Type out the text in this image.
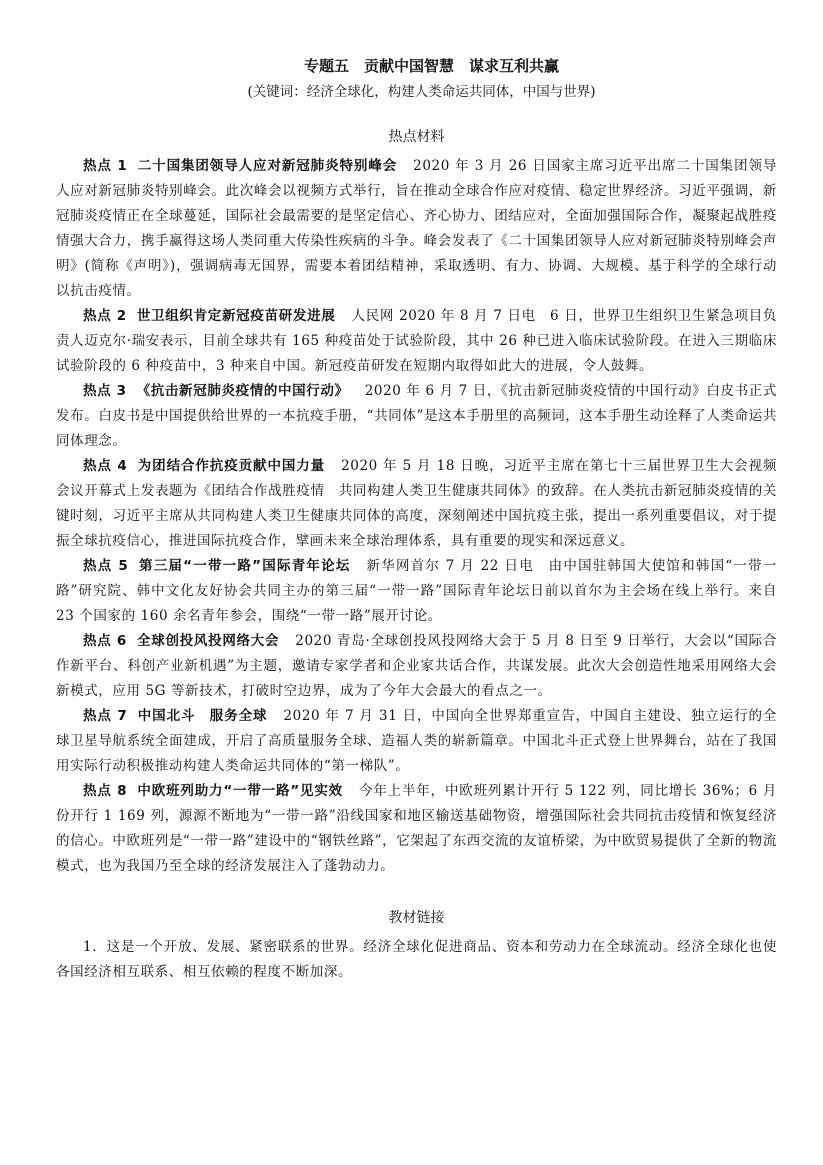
专题五　贡献中国智慧　谋求互利共赢
(关键词：经济全球化，构建人类命运共同体，中国与世界)
热点材料

热点 1 二十国集团领导人应对新冠肺炎特别峰会 2020 年 3 月 26 日国家主席习近平出席二十国集团领导人应对新冠肺炎特别峰会。此次峰会以视频方式举行，旨在推动全球合作应对疫情、稳定世界经济。习近平强调，新冠肺炎疫情正在全球蔓延，国际社会最需要的是坚定信心、齐心协力、团结应对，全面加强国际合作，凝聚起战胜疫情强大合力，携手赢得这场人类同重大传染性疾病的斗争。峰会发表了《二十国集团领导人应对新冠肺炎特别峰会声明》(简称《声明》)，强调病毒无国界，需要本着团结精神，采取透明、有力、协调、大规模、基于科学的全球行动以抗击疫情。

热点 2 世卫组织肯定新冠疫苗研发进展 人民网 2020 年 8 月 7 日电　6 日，世界卫生组织卫生紧急项目负责人迈克尔·瑞安表示，目前全球共有 165 种疫苗处于试验阶段，其中 26 种已进入临床试验阶段。在进入三期临床试验阶段的 6 种疫苗中，3 种来自中国。新冠疫苗研发在短期内取得如此大的进展，令人鼓舞。

热点 3 《抗击新冠肺炎疫情的中国行动》 2020 年 6 月 7 日，《抗击新冠肺炎疫情的中国行动》白皮书正式发布。白皮书是中国提供给世界的一本抗疫手册，“共同体”是这本手册里的高频词，这本手册生动诠释了人类命运共同体理念。

热点 4 为团结合作抗疫贡献中国力量 2020 年 5 月 18 日晚，习近平主席在第七十三届世界卫生大会视频会议开幕式上发表题为《团结合作战胜疫情　共同构建人类卫生健康共同体》的致辞。在人类抗击新冠肺炎疫情的关键时刻，习近平主席从共同构建人类卫生健康共同体的高度，深刻阐述中国抗疫主张，提出一系列重要倡议，对于提振全球抗疫信心，推进国际抗疫合作，擘画未来全球治理体系，具有重要的现实和深远意义。

热点 5 第三届“一带一路”国际青年论坛 新华网首尔 7 月 22 日电　由中国驻韩国大使馆和韩国“一带一路”研究院、韩中文化友好协会共同主办的第三届“一带一路”国际青年论坛日前以首尔为主会场在线上举行。来自 23 个国家的 160 余名青年参会，围绕“一带一路”展开讨论。

热点 6 全球创投风投网络大会 2020 青岛·全球创投风投网络大会于 5 月 8 日至 9 日举行，大会以“国际合作新平台、科创产业新机遇”为主题，邀请专家学者和企业家共话合作，共谋发展。此次大会创造性地采用网络大会新模式，应用 5G 等新技术，打破时空边界，成为了今年大会最大的看点之一。

热点 7 中国北斗　服务全球 2020 年 7 月 31 日，中国向全世界郑重宣告，中国自主建设、独立运行的全球卫星导航系统全面建成，开启了高质量服务全球、造福人类的崭新篇章。中国北斗正式登上世界舞台，站在了我国用实际行动积极推动构建人类命运共同体的“第一梯队”。

热点 8 中欧班列助力“一带一路”见实效 今年上半年，中欧班列累计开行 5 122 列，同比增长 36%；6 月份开行 1 169 列，源源不断地为“一带一路”沿线国家和地区输送基础物资，增强国际社会共同抗击疫情和恢复经济的信心。中欧班列是“一带一路”建设中的“钢铁丝路”，它架起了东西交流的友谊桥梁，为中欧贸易提供了全新的物流模式，也为我国乃至全球的经济发展注入了蓬勃动力。

教材链接

1．这是一个开放、发展、紧密联系的世界。经济全球化促进商品、资本和劳动力在全球流动。经济全球化也使各国经济相互联系、相互依赖的程度不断加深。
